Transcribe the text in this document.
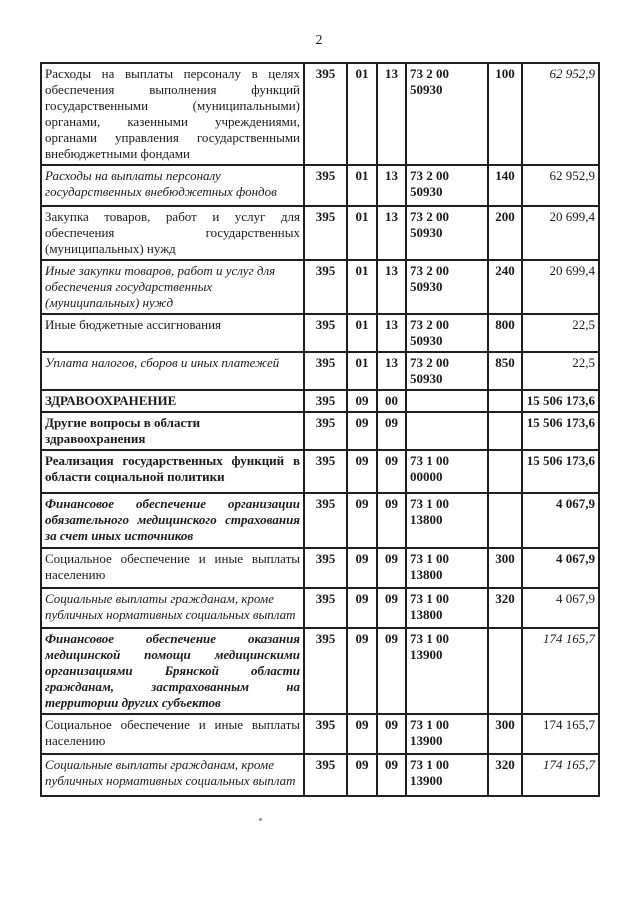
2
Расходы на выплаты персоналу в целях обеспечения выполнения функций государственными (муниципальными) органами, казенными учреждениями, органами управления государственными внебюджетными фондами	395	01	13	73 2 00 50930	100	62 952,9
Расходы на выплаты персоналу государственных внебюджетных фондов	395	01	13	73 2 00 50930	140	62 952,9
Закупка товаров, работ и услуг для обеспечения государственных (муниципальных) нужд	395	01	13	73 2 00 50930	200	20 699,4
Иные закупки товаров, работ и услуг для обеспечения государственных (муниципальных) нужд	395	01	13	73 2 00 50930	240	20 699,4
Иные бюджетные ассигнования	395	01	13	73 2 00 50930	800	22,5
Уплата налогов, сборов и иных платежей	395	01	13	73 2 00 50930	850	22,5
ЗДРАВООХРАНЕНИЕ	395	09	00			15 506 173,6
Другие вопросы в области здравоохранения	395	09	09			15 506 173,6
Реализация государственных функций в области социальной политики	395	09	09	73 1 00 00000		15 506 173,6
Финансовое обеспечение организации обязательного медицинского страхования за счет иных источников	395	09	09	73 1 00 13800		4 067,9
Социальное обеспечение и иные выплаты населению	395	09	09	73 1 00 13800	300	4 067,9
Социальные выплаты гражданам, кроме публичных нормативных социальных выплат	395	09	09	73 1 00 13800	320	4 067,9
Финансовое обеспечение оказания медицинской помощи медицинскими организациями Брянской области гражданам, застрахованным на территории других субъектов	395	09	09	73 1 00 13900		174 165,7
Социальное обеспечение и иные выплаты населению	395	09	09	73 1 00 13900	300	174 165,7
Социальные выплаты гражданам, кроме публичных нормативных социальных выплат	395	09	09	73 1 00 13900	320	174 165,7
